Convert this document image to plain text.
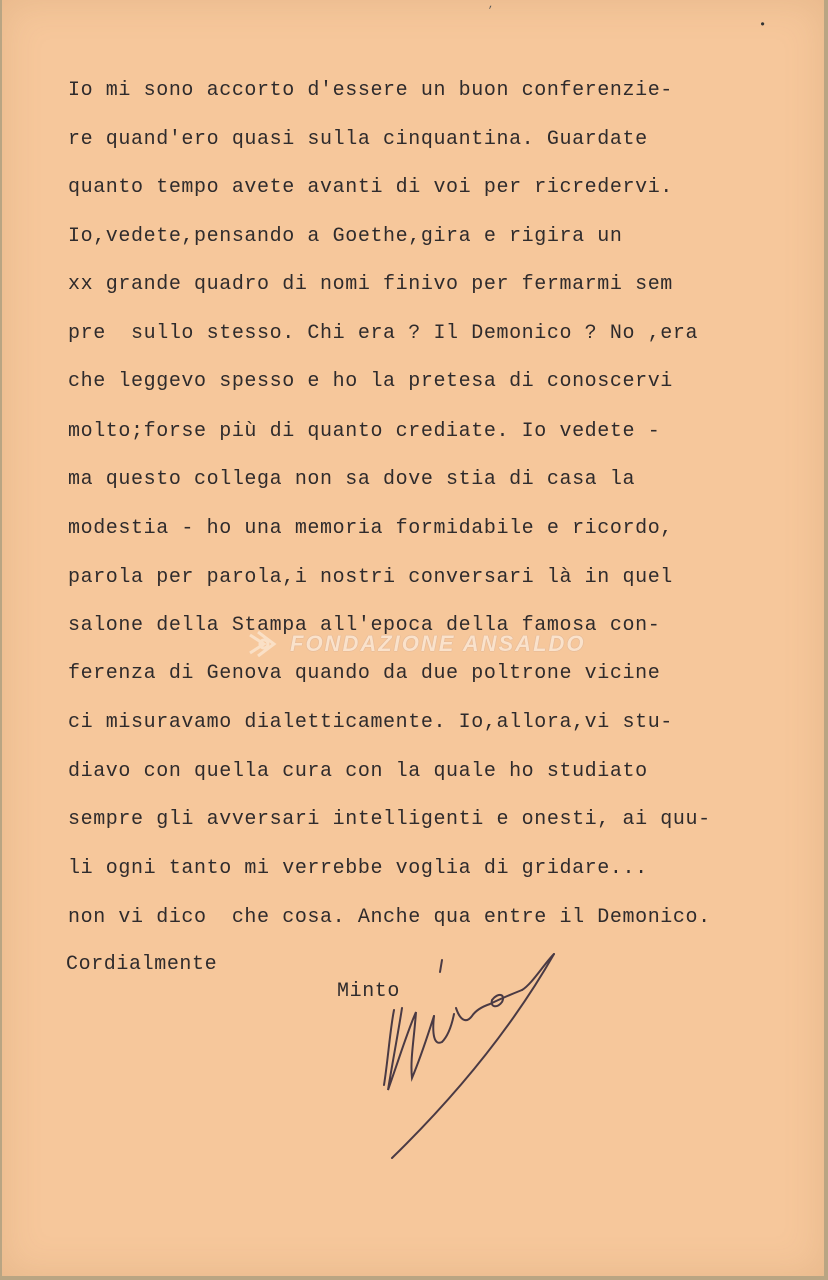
,
•
Io mi sono accorto d'essere un buon conferenzie-
re quand'ero quasi sulla cinquantina. Guardate
quanto tempo avete avanti di voi per ricredervi.
Io,vedete,pensando a Goethe,gira e rigira un
xx grande quadro di nomi finivo per fermarmi sem
pre  sullo stesso. Chi era ? Il Demonico ? No ,era
che leggevo spesso e ho la pretesa di conoscervi
molto;forse più di quanto crediate. Io vedete -
ma questo collega non sa dove stia di casa la
modestia - ho una memoria formidabile e ricordo,
parola per parola,i nostri conversari là in quel
salone della Stampa all'epoca della famosa con-
ferenza di Genova quando da due poltrone vicine
ci misuravamo dialetticamente. Io,allora,vi stu-
diavo con quella cura con la quale ho studiato
sempre gli avversari intelligenti e onesti, ai quu-
li ogni tanto mi verrebbe voglia di gridare...
non vi dico  che cosa. Anche qua entre il Demonico.
Cordialmente
Minto
FONDAZIONE ANSALDO
